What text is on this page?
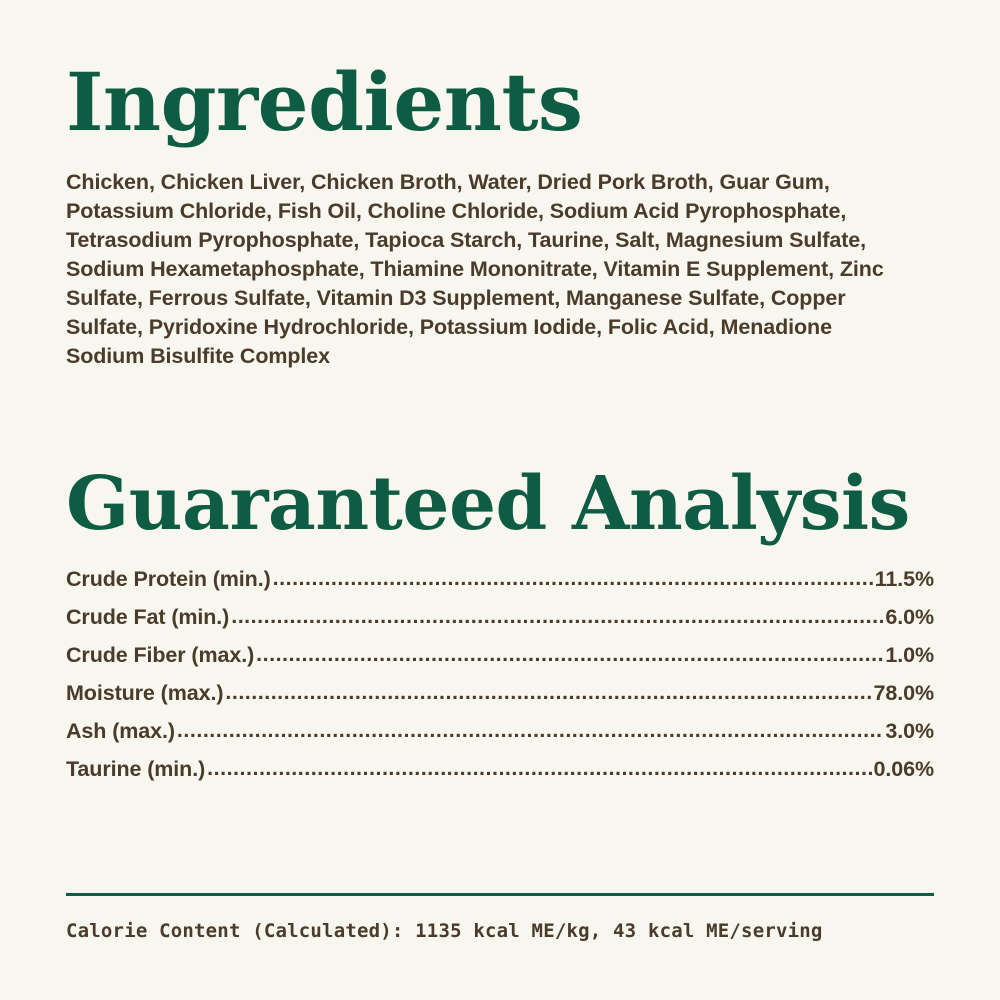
Ingredients

Chicken, Chicken Liver, Chicken Broth, Water, Dried Pork Broth, Guar Gum, Potassium Chloride, Fish Oil, Choline Chloride, Sodium Acid Pyrophosphate, Tetrasodium Pyrophosphate, Tapioca Starch, Taurine, Salt, Magnesium Sulfate, Sodium Hexametaphosphate, Thiamine Mononitrate, Vitamin E Supplement, Zinc Sulfate, Ferrous Sulfate, Vitamin D3 Supplement, Manganese Sulfate, Copper Sulfate, Pyridoxine Hydrochloride, Potassium Iodide, Folic Acid, Menadione Sodium Bisulfite Complex

Guaranteed Analysis
Crude Protein (min.) .....	11.5%
Crude Fat (min.) .....	6.0%
Crude Fiber (max.) .....	1.0%
Moisture (max.) .....	78.0%
Ash (max.) .....	3.0%
Taurine (min.) .....	0.06%
Calorie Content (Calculated): 1135 kcal ME/kg, 43 kcal ME/serving
